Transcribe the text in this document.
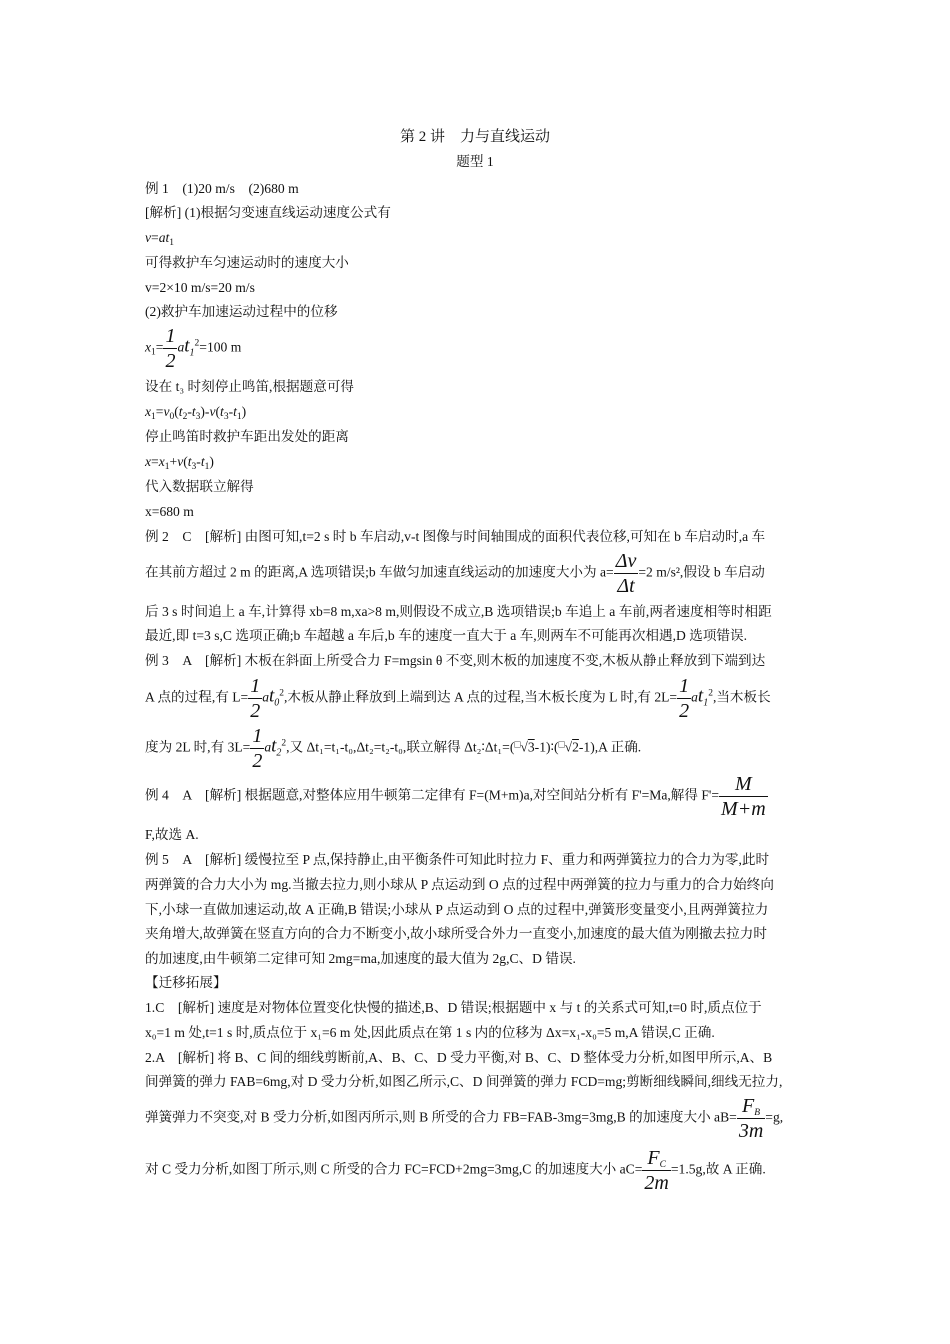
第 2 讲　力与直线运动
题型 1
例 1　(1)20 m/s　(2)680 m
[解析] (1)根据匀变速直线运动速度公式有
$v=at_1$
可得救护车匀速运动时的速度大小
v=2×10 m/s=20 m/s
(2)救护车加速运动过程中的位移
$x_1= \frac{1}{2} at_1^2=100$ m
设在 t₃ 时刻停止鸣笛,根据题意可得
$x_1=v_0(t_2-t_3)-v(t_3-t_1)$
停止鸣笛时救护车距出发处的距离
$x=x_1+v(t_3-t_1)$
代入数据联立解得
x=680 m
例 2　C　[解析] 由图可知,t=2 s 时 b 车启动,v-t 图像与时间轴围成的面积代表位移,可知在 b 车启动时,a 车
在其前方超过 2 m 的距离,A 选项错误;b 车做匀加速直线运动的加速度大小为 $a= \frac{\Delta v}{\Delta t} =2$ m/s²,假设 b 车启动
后 3 s 时间追上 a 车,计算得 xb=8 m,xa>8 m,则假设不成立,B 选项错误;b 车追上 a 车前,两者速度相等时相距
最近,即 t=3 s,C 选项正确;b 车超越 a 车后,b 车的速度一直大于 a 车,则两车不可能再次相遇,D 选项错误.
例 3　A　[解析] 木板在斜面上所受合力 F=mgsin θ 不变,则木板的加速度不变,木板从静止释放到下端到达
A 点的过程,有 $L= \frac{1}{2} at_0^2$,木板从静止释放到上端到达 A 点的过程,当木板长度为 L 时,有 $2L= \frac{1}{2} at_1^2$,当木板长
度为 2L 时,有 $3L= \frac{1}{2} at_2^2$,又 Δt₁=t₁-t₀,Δt₂=t₂-t₀,联立解得 Δt₂∶Δt₁=(□√3-1)∶(□√2-1),A 正确.
例 4　A　[解析] 根据题意,对整体应用牛顿第二定律有 F=(M+m)a,对空间站分析有 F'=Ma,解得 $F'= \frac{M}{M+m}$
F,故选 A.
例 5　A　[解析] 缓慢拉至 P 点,保持静止,由平衡条件可知此时拉力 F、重力和两弹簧拉力的合力为零,此时
两弹簧的合力大小为 mg.当撤去拉力,则小球从 P 点运动到 O 点的过程中两弹簧的拉力与重力的合力始终向
下,小球一直做加速运动,故 A 正确,B 错误;小球从 P 点运动到 O 点的过程中,弹簧形变量变小,且两弹簧拉力
夹角增大,故弹簧在竖直方向的合力不断变小,故小球所受合外力一直变小,加速度的最大值为刚撤去拉力时
的加速度,由牛顿第二定律可知 2mg=ma,加速度的最大值为 2g,C、D 错误.
【迁移拓展】
1.C　[解析] 速度是对物体位置变化快慢的描述,B、D 错误;根据题中 x 与 t 的关系式可知,t=0 时,质点位于
x₀=1 m 处,t=1 s 时,质点位于 x₁=6 m 处,因此质点在第 1 s 内的位移为 Δx=x₁-x₀=5 m,A 错误,C 正确.
2.A　[解析] 将 B、C 间的细线剪断前,A、B、C、D 受力平衡,对 B、C、D 整体受力分析,如图甲所示,A、B
间弹簧的弹力 FAB=6mg,对 D 受力分析,如图乙所示,C、D 间弹簧的弹力 FCD=mg;剪断细线瞬间,细线无拉力,
弹簧弹力不突变,对 B 受力分析,如图丙所示,则 B 所受的合力 FB=FAB-3mg=3mg,B 的加速度大小 $aB= \frac{F_B}{3m} =g$,
对 C 受力分析,如图丁所示,则 C 所受的合力 FC=FCD+2mg=3mg,C 的加速度大小 $aC= \frac{F_C}{2m} =1.5g$,故 A 正确.
